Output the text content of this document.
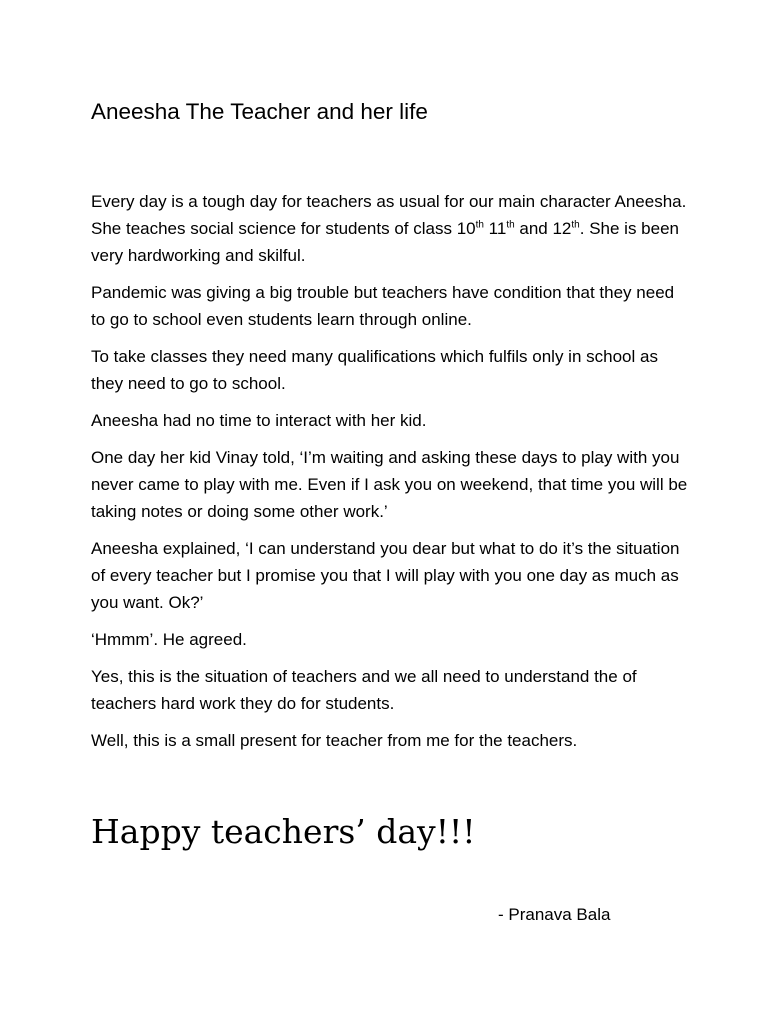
Aneesha The Teacher and her life

Every day is a tough day for teachers as usual for our main character Aneesha. She teaches social science for students of class 10th 11th and 12th. She is been very hardworking and skilful.

Pandemic was giving a big trouble but teachers have condition that they need to go to school even students learn through online.

To take classes they need many qualifications which fulfils only in school as they need to go to school.

Aneesha had no time to interact with her kid.

One day her kid Vinay told, ‘I’m waiting and asking these days to play with you never came to play with me. Even if I ask you on weekend, that time you will be taking notes or doing some other work.’

Aneesha explained, ‘I can understand you dear but what to do it’s the situation of every teacher but I promise you that I will play with you one day as much as you want. Ok?’

‘Hmmm’. He agreed.

Yes, this is the situation of teachers and we all need to understand the of teachers hard work they do for students.

Well, this is a small present for teacher from me for the teachers.

Happy teachers’ day!!!
- Pranava Bala
